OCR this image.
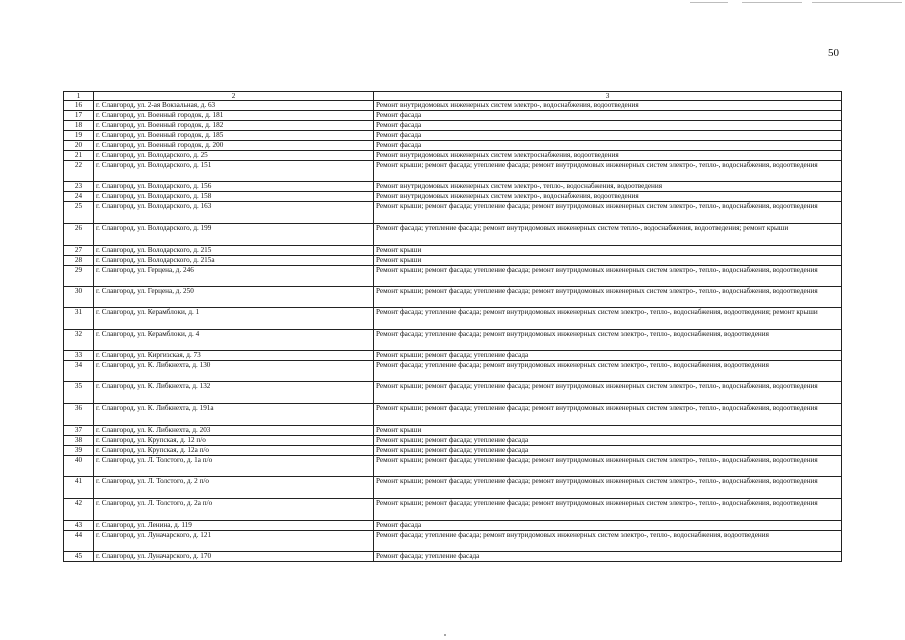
50
1	2	3
16	г. Славгород, ул. 2-ая Вокзальная, д. 63	Ремонт внутридомовых инженерных систем электро-, водоснабжения, водоотведения
17	г. Славгород, ул. Военный городок, д. 181	Ремонт фасада
18	г. Славгород, ул. Военный городок, д. 182	Ремонт фасада
19	г. Славгород, ул. Военный городок, д. 185	Ремонт фасада
20	г. Славгород, ул. Военный городок, д. 200	Ремонт фасада
21	г. Славгород, ул. Володарского, д. 25	Ремонт внутридомовых инженерных систем электроснабжения, водоотведения
22	г. Славгород, ул. Володарского, д. 151	Ремонт крыши; ремонт фасада; утепление фасада; ремонт внутридомовых инженерных систем электро-, тепло-, водоснабжения, водоотведения
23	г. Славгород, ул. Володарского, д. 156	Ремонт внутридомовых инженерных систем электро-, тепло-, водоснабжения, водоотведения
24	г. Славгород, ул. Володарского, д. 158	Ремонт внутридомовых инженерных систем электро-, водоснабжения, водоотведения
25	г. Славгород, ул. Володарского, д. 163	Ремонт крыши; ремонт фасада; утепление фасада; ремонт внутридомовых инженерных систем электро-, тепло-, водоснабжения, водоотведения
26	г. Славгород, ул. Володарского, д. 199	Ремонт фасада; утепление фасада; ремонт внутридомовых инженерных систем тепло-, водоснабжения, водоотведения; ремонт крыши
27	г. Славгород, ул. Володарского, д. 215	Ремонт крыши
28	г. Славгород, ул. Володарского, д. 215а	Ремонт крыши
29	г. Славгород, ул. Герцена, д. 246	Ремонт крыши; ремонт фасада; утепление фасада; ремонт внутридомовых инженерных систем электро-, тепло-, водоснабжения, водоотведения
30	г. Славгород, ул. Герцена, д. 250	Ремонт крыши; ремонт фасада; утепление фасада; ремонт внутридомовых инженерных систем электро-, тепло-, водоснабжения, водоотведения
31	г. Славгород, ул. Керамблоки, д. 1	Ремонт фасада; утепление фасада; ремонт внутридомовых инженерных систем электро-, тепло-, водоснабжения, водоотведения; ремонт крыши
32	г. Славгород, ул. Керамблоки, д. 4	Ремонт фасада; утепление фасада; ремонт внутридомовых инженерных систем электро-, тепло-, водоснабжения, водоотведения
33	г. Славгород, ул. Киргизская, д. 73	Ремонт крыши; ремонт фасада; утепление фасада
34	г. Славгород, ул. К. Либкнехта, д. 130	Ремонт фасада; утепление фасада; ремонт внутридомовых инженерных систем электро-, тепло-, водоснабжения, водоотведения
35	г. Славгород, ул. К. Либкнехта, д. 132	Ремонт крыши; ремонт фасада; утепление фасада; ремонт внутридомовых инженерных систем электро-, тепло-, водоснабжения, водоотведения
36	г. Славгород, ул. К. Либкнехта, д. 191а	Ремонт крыши; ремонт фасада; утепление фасада; ремонт внутридомовых инженерных систем электро-, тепло-, водоснабжения, водоотведения
37	г. Славгород, ул. К. Либкнехта, д. 203	Ремонт крыши
38	г. Славгород, ул. Крупская, д. 12 п/о	Ремонт крыши; ремонт фасада; утепление фасада
39	г. Славгород, ул. Крупская, д. 12а п/о	Ремонт крыши; ремонт фасада; утепление фасада
40	г. Славгород, ул. Л. Толстого, д. 1а п/о	Ремонт крыши; ремонт фасада; утепление фасада; ремонт внутридомовых инженерных систем электро-, тепло-, водоснабжения, водоотведения
41	г. Славгород, ул. Л. Толстого, д. 2 п/о	Ремонт крыши; ремонт фасада; утепление фасада; ремонт внутридомовых инженерных систем электро-, тепло-, водоснабжения, водоотведения
42	г. Славгород, ул. Л. Толстого, д. 2а п/о	Ремонт крыши; ремонт фасада; утепление фасада; ремонт внутридомовых инженерных систем электро-, тепло-, водоснабжения, водоотведения
43	г. Славгород, ул. Ленина, д. 119	Ремонт фасада
44	г. Славгород, ул. Луначарского, д. 121	Ремонт фасада; утепление фасада; ремонт внутридомовых инженерных систем электро-, тепло-, водоснабжения, водоотведения
45	г. Славгород, ул. Луначарского, д. 170	Ремонт фасада; утепление фасада
